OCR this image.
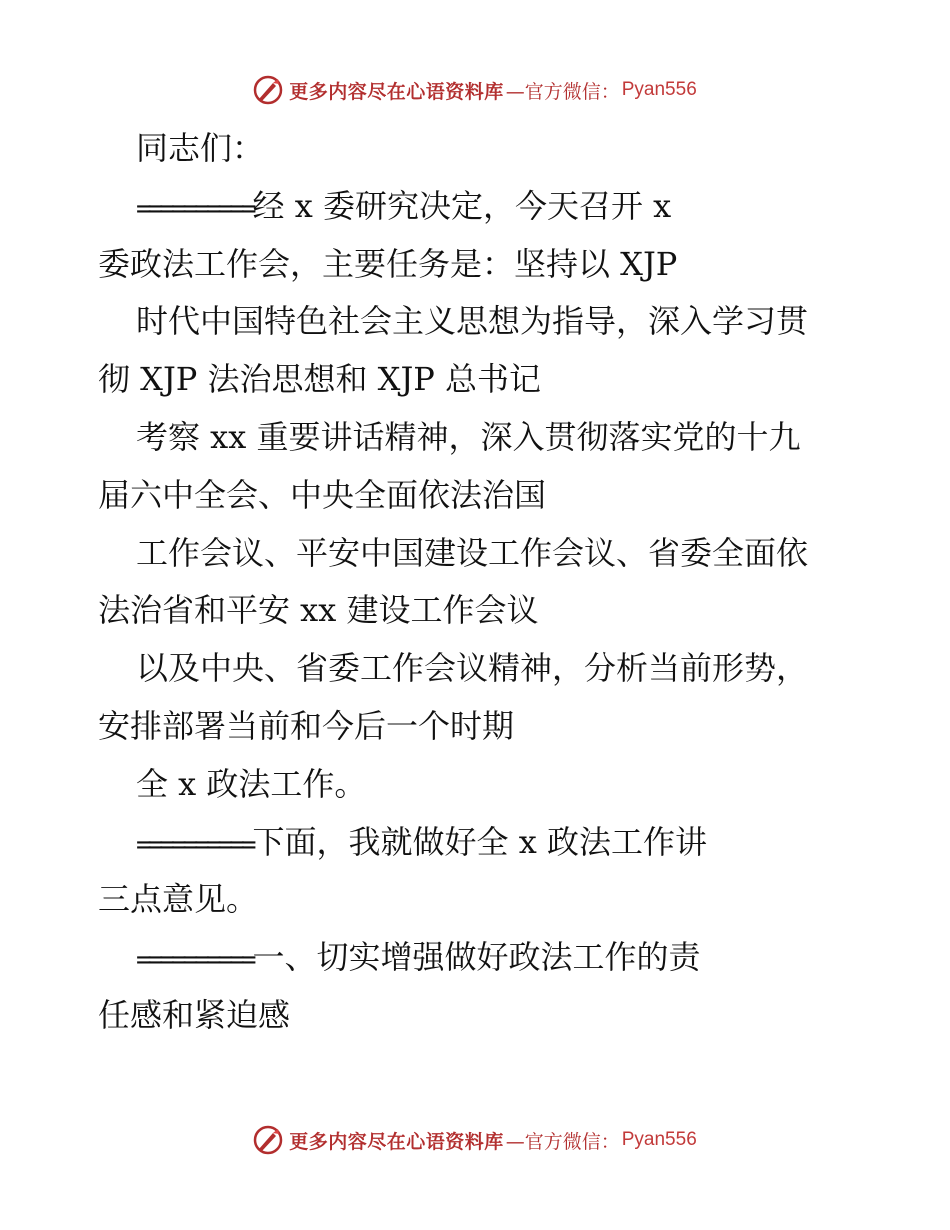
更多内容尽在心语资料库 —官方微信： Pyan556
同志们：
==========经 x 委研究决定，今天召开 x
委政法工作会，主要任务是：坚持以 XJP
时代中国特色社会主义思想为指导，深入学习贯
彻 XJP 法治思想和 XJP 总书记
考察 xx 重要讲话精神，深入贯彻落实党的十九
届六中全会、中央全面依法治国
工作会议、平安中国建设工作会议、省委全面依
法治省和平安 xx 建设工作会议
以及中央、省委工作会议精神，分析当前形势，
安排部署当前和今后一个时期
全 x 政法工作。
==========下面，我就做好全 x 政法工作讲
三点意见。
==========一、切实增强做好政法工作的责
任感和紧迫感
更多内容尽在心语资料库 —官方微信： Pyan556
